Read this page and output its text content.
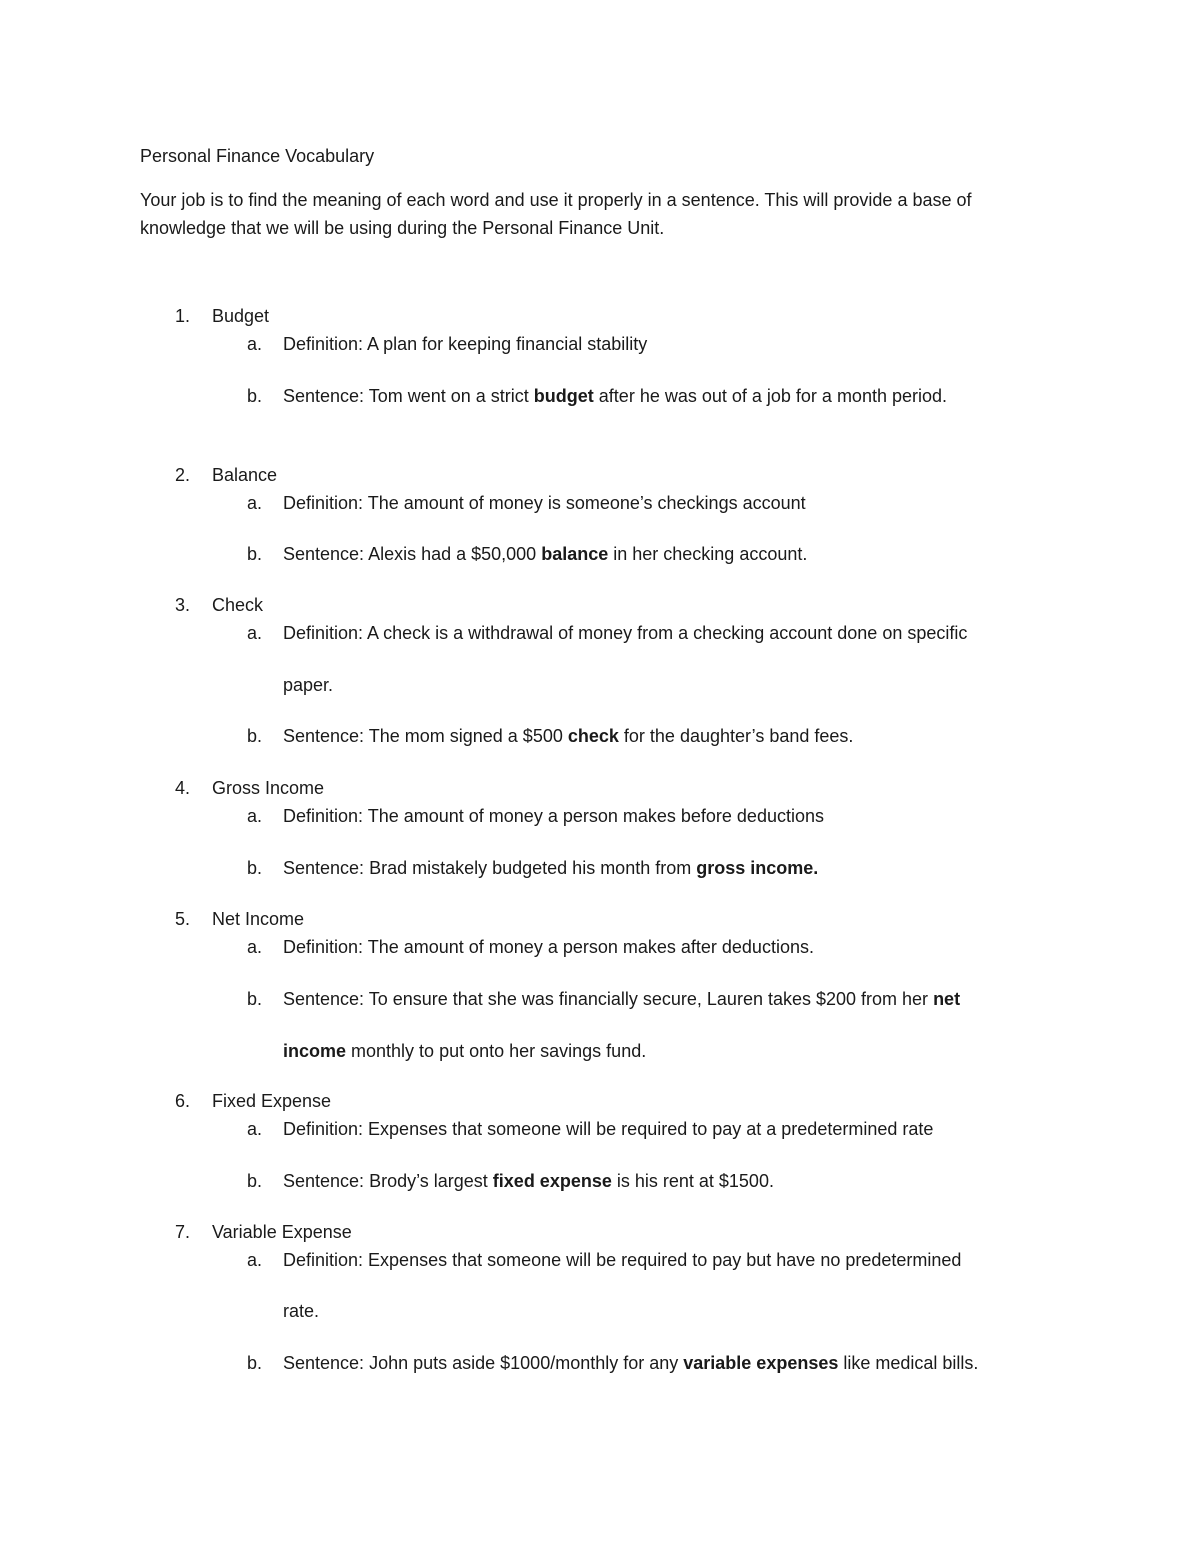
Personal Finance Vocabulary
Your job is to find the meaning of each word and use it properly in a sentence. This will provide a base of
knowledge that we will be using during the Personal Finance Unit.
1.	Budget
a. Definition: A plan for keeping financial stability
b. Sentence: Tom went on a strict budget after he was out of a job for a month period.
2.	Balance
a. Definition: The amount of money is someone’s checkings account
b. Sentence: Alexis had a $50,000 balance in her checking account.
3.	Check
a. Definition: A check is a withdrawal of money from a checking account done on specific
paper.
b. Sentence: The mom signed a $500 check for the daughter’s band fees.
4.	Gross Income
a. Definition: The amount of money a person makes before deductions
b. Sentence: Brad mistakely budgeted his month from gross income.
5.	Net Income
a. Definition: The amount of money a person makes after deductions.
b. Sentence: To ensure that she was financially secure, Lauren takes $200 from her net
income monthly to put onto her savings fund.
6.	Fixed Expense
a. Definition: Expenses that someone will be required to pay at a predetermined rate
b. Sentence: Brody’s largest fixed expense is his rent at $1500.
7.	Variable Expense
a. Definition: Expenses that someone will be required to pay but have no predetermined
rate.
b. Sentence: John puts aside $1000/monthly for any variable expenses like medical bills.
